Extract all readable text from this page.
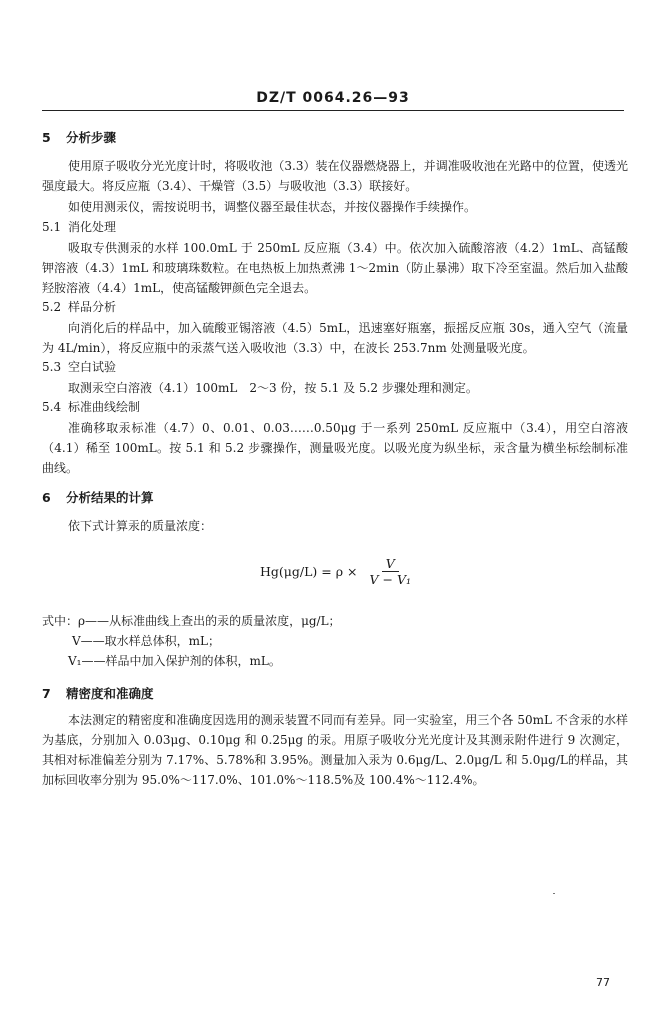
DZ/T 0064.26—93
5 分析步骤
使用原子吸收分光光度计时，将吸收池（3.3）装在仪器燃烧器上，并调准吸收池在光路中的位置，使透光强度最大。将反应瓶（3.4）、干燥管（3.5）与吸收池（3.3）联接好。
如使用测汞仪，需按说明书，调整仪器至最佳状态，并按仪器操作手续操作。
5.1 消化处理
吸取专供测汞的水样 100.0mL 于 250mL 反应瓶（3.4）中。依次加入硫酸溶液（4.2）1mL、高锰酸钾溶液（4.3）1mL 和玻璃珠数粒。在电热板上加热煮沸 1～2min（防止暴沸）取下冷至室温。然后加入盐酸羟胺溶液（4.4）1mL，使高锰酸钾颜色完全退去。
5.2 样品分析
向消化后的样品中，加入硫酸亚锡溶液（4.5）5mL，迅速塞好瓶塞，振摇反应瓶 30s，通入空气（流量为 4L/min），将反应瓶中的汞蒸气送入吸收池（3.3）中，在波长 253.7nm 处测量吸光度。
5.3 空白试验
取测汞空白溶液（4.1）100mL　2～3 份，按 5.1 及 5.2 步骤处理和测定。
5.4 标准曲线绘制
准确移取汞标准（4.7）0、0.01、0.03……0.50μg 于一系列 250mL 反应瓶中（3.4），用空白溶液（4.1）稀至 100mL。按 5.1 和 5.2 步骤操作，测量吸光度。以吸光度为纵坐标，汞含量为横坐标绘制标准曲线。
6 分析结果的计算
依下式计算汞的质量浓度：
$Hg(\mu g/L) = \rho \times \frac{V}{\text{V − V₁}}$
式中：ρ——从标准曲线上查出的汞的质量浓度，μg/L；
V——取水样总体积，mL；
V₁——样品中加入保护剂的体积，mL。
7 精密度和准确度
本法测定的精密度和准确度因选用的测汞装置不同而有差异。同一实验室，用三个各 50mL 不含汞的水样为基底，分别加入 0.03μg、0.10μg 和 0.25μg 的汞。用原子吸收分光光度计及其测汞附件进行 9 次测定，其相对标准偏差分别为 7.17%、5.78%和 3.95%。测量加入汞为 0.6μg/L、2.0μg/L 和 5.0μg/L的样品，其加标回收率分别为 95.0%～117.0%、101.0%～118.5%及 100.4%～112.4%。
77
